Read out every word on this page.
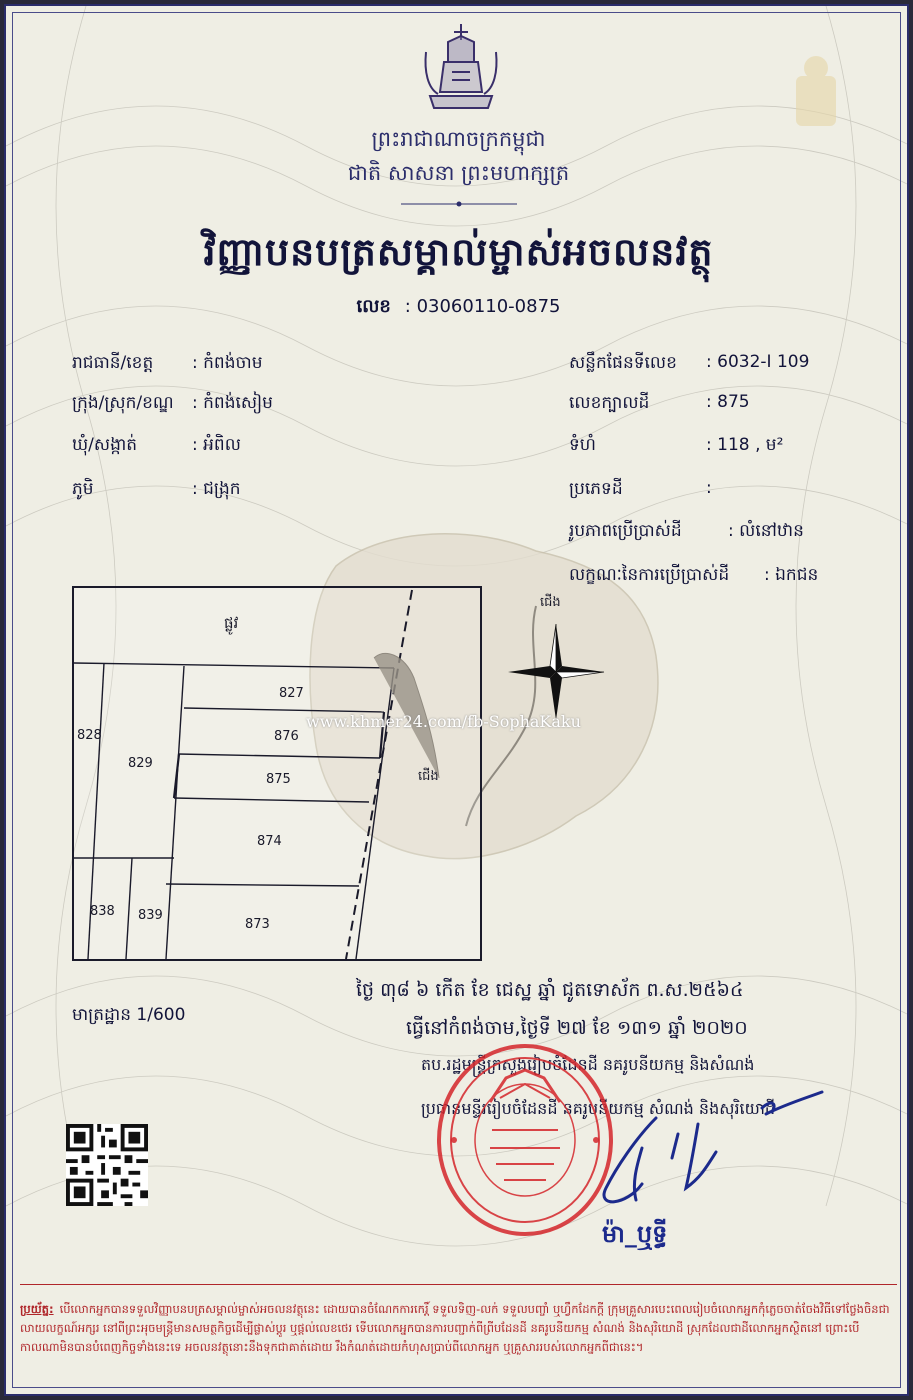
ព្រះរាជាណាចក្រកម្ពុជា
ជាតិ សាសនា ព្រះមហាក្សត្រ
វិញ្ញាបនបត្រសម្គាល់ម្ចាស់អចលនវត្ថុ
លេខ : 03060110-0875
រាជធានី/ខេត្ត : កំពង់ចាម
ក្រុង/ស្រុក/ខណ្ឌ : កំពង់សៀម
ឃុំ/សង្កាត់	: អំពិល
ភូមិ	: ជង្រុក
សន្លឹកផែនទីលេខ : 6032-I 109
លេខក្បាលដី	: 875
ទំហំ	: 118 ‚ ម²
ប្រភេទដី	:
រូបភាពប្រើប្រាស់ដី	: លំនៅឋាន
លក្ខណៈនៃការប្រើប្រាស់ដី : ឯកជន
ផ្លូវ
827
876
875
874
873
828
829
838 839
ជើង
ជើង
www.khmer24.com/fb-SophaKaku
មាត្រដ្ឋាន 1/600
ថ្ងៃ ៣ុ៨ ៦ កើត ខែ ជេស្ឋ ឆ្នាំ ជូតទោស័ក ព.ស.២៥៦៤
ធ្វើនៅកំពង់ចាម,ថ្ងៃទី ២៧ ខែ ១៣១ ឆ្នាំ ២០២០
តប.រដ្ឋមន្ត្រីក្រសួងរៀបចំដែនដី នគរូបនីយកម្ម និងសំណង់
ប្រធានមន្ទីររៀបចំដែនដី នគរូបនីយកម្ម សំណង់ និងសុរិយោដី
ម៉ា_ឬទ្ធី
ប្រយ័ត្ន: បើលោកអ្នកបានទទួលវិញ្ញាបនបត្រសម្គាល់ម្ចាស់អចលនវត្ថុនេះ ដោយបានចំណែកការកេរ្តិ៍ ទទួលទិញ-លក់ ទទួលបញ្ចាំ ឬហ្វឹកដែកក្តី ក្រុមគ្រួសារបេះពេលរៀបចំលោកអ្នកកុំភ្លេចចាត់ចែងវិធីទៅថ្លែងចិនជាលាយលក្ខណ៍អក្សរ នៅពីព្រះអុចមន្ត្រីមានសមត្ថកិច្ចដើម្បីផ្លាស់ប្តូរ ឬផ្តល់លេខថេរ ទើបលោកអ្នកបានការបញ្ជាក់ពីព្រីបដែនដី នគរូបនីយកម្ម សំណង់ និងសុរិយោដី ស្រុកដែលជាដីលោកអ្នកស្ថិតនៅ ព្រោះបើកាលណាមិនបានបំពេញកិច្ចទាំងនេះទេ អចលនវត្ថុនោះនឹងទុកជាគាត់ដោយ រឹងកំណត់ដោយកំហុសប្រាប់ពីលោកអ្នក ឬគ្រួសាររបស់លោកអ្នកពីជានេះ។
